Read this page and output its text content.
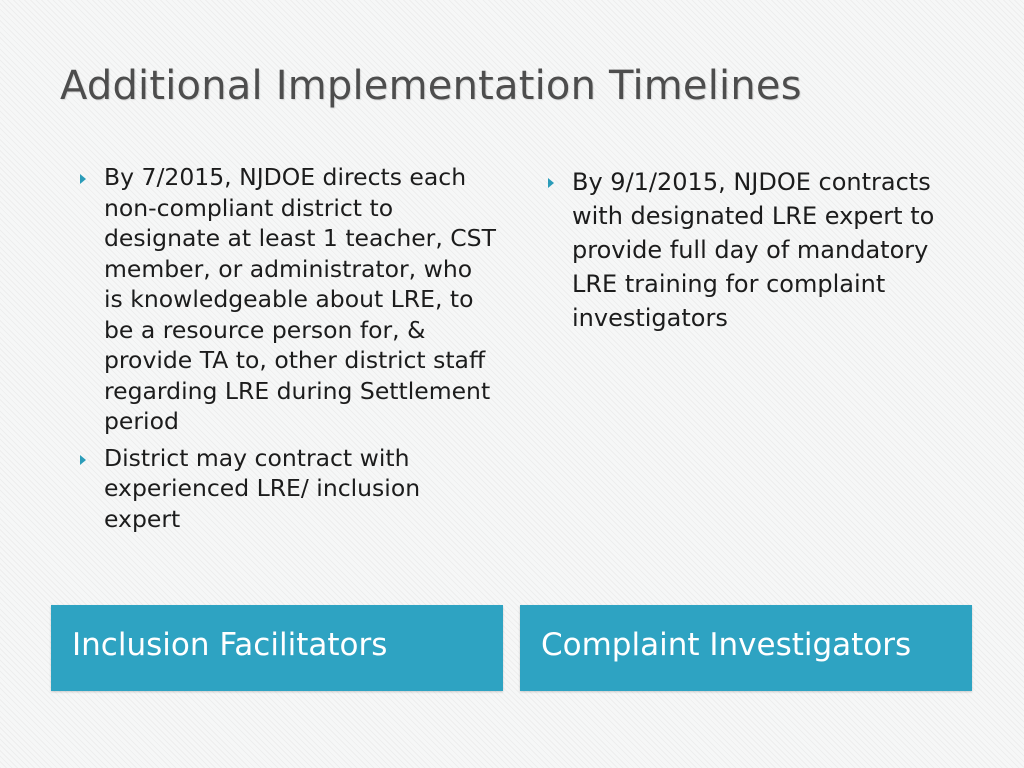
Additional Implementation Timelines
By 7/2015, NJDOE directs each non-compliant district to designate at least 1 teacher, CST member, or administrator, who is knowledgeable about LRE, to be a resource person for, & provide TA to, other district staff regarding LRE during Settlement period
District may contract with experienced LRE/ inclusion expert
By 9/1/2015, NJDOE contracts with designated LRE expert to provide full day of mandatory LRE training for complaint investigators
Inclusion Facilitators	Complaint Investigators
